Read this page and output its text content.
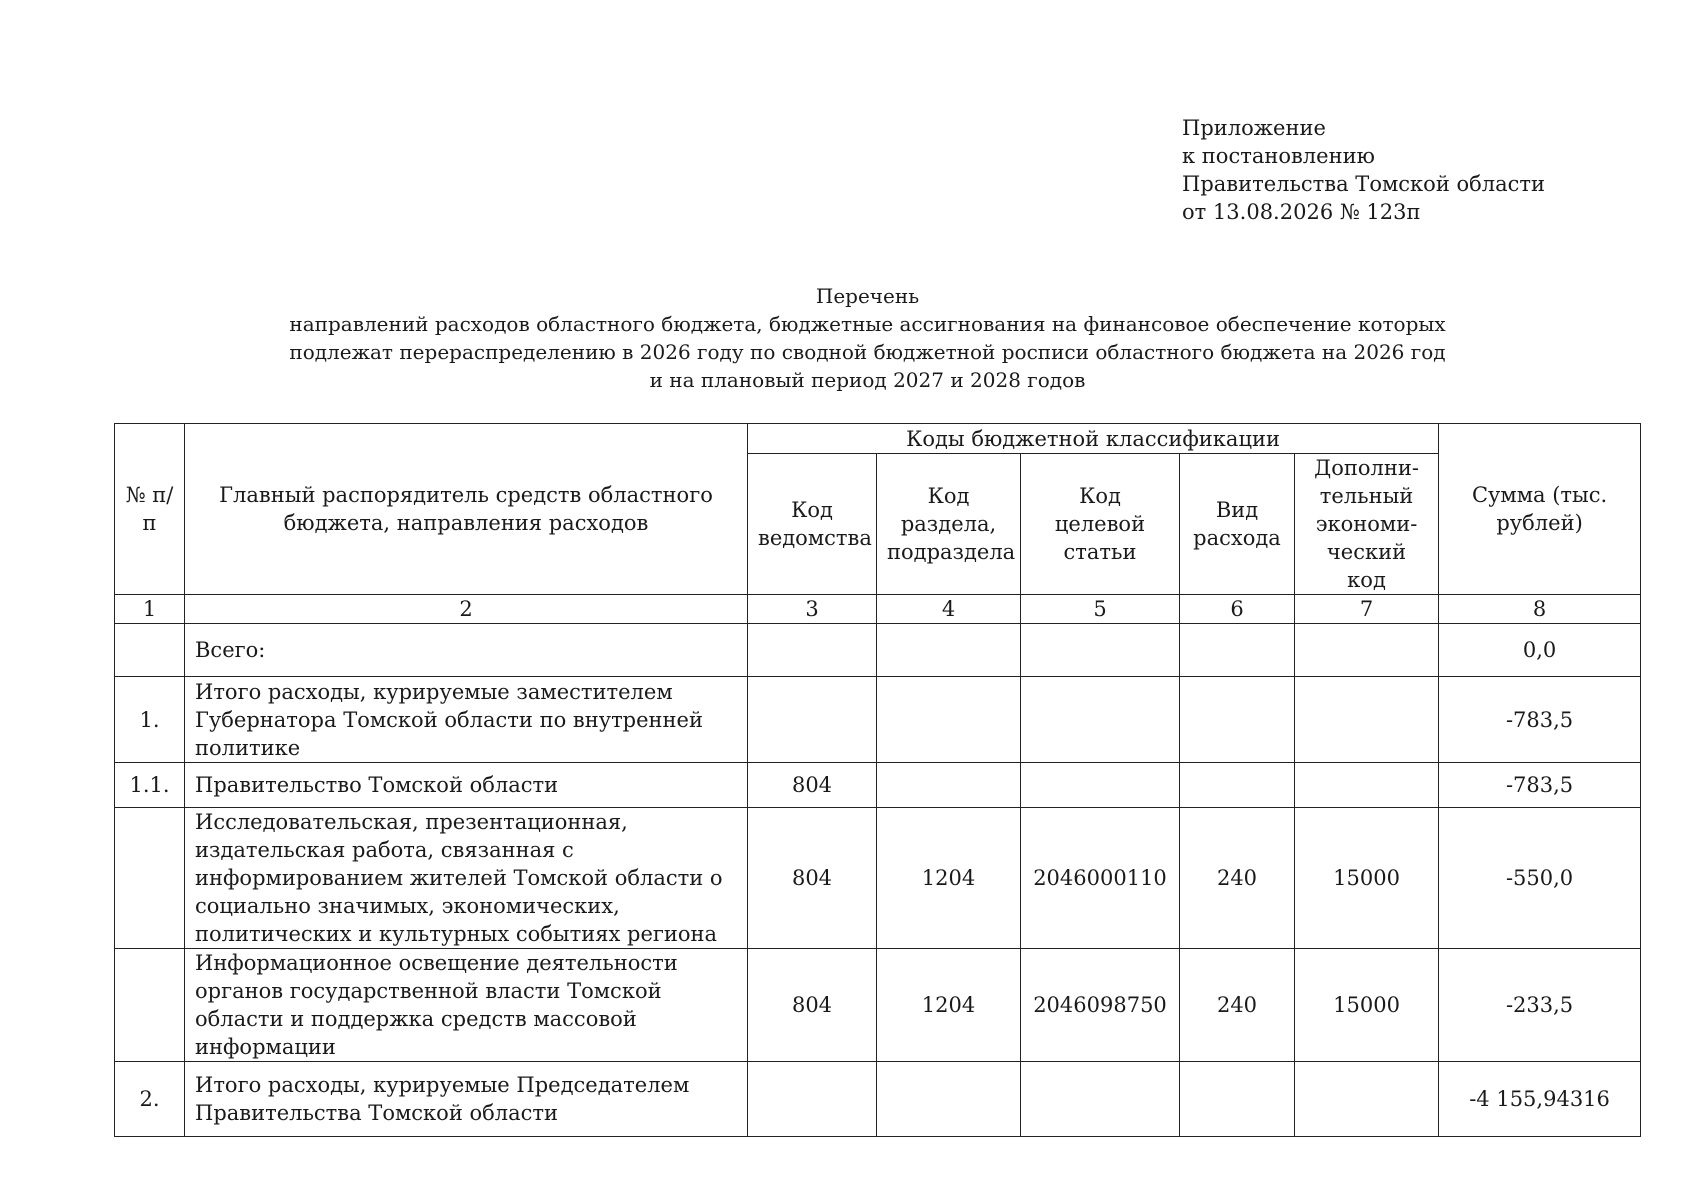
Приложение
к постановлению
Правительства Томской области
от 13.08.2026 № 123п
Перечень
направлений расходов областного бюджета, бюджетные ассигнования на финансовое обеспечение которых
подлежат перераспределению в 2026 году по сводной бюджетной росписи областного бюджета на 2026 год
и на плановый период 2027 и 2028 годов
№ п/п	Главный распорядитель средств областного бюджета, направления расходов	Коды бюджетной классификации					Сумма (тыс. рублей)
		Код ведомства	Код раздела, подраздела	Код целевой статьи	Вид расхода	Дополни-тельный экономи-ческий код	
1	2	3	4	5	6	7	8
	Всего:						0,0
1.	Итого расходы, курируемые заместителем Губернатора Томской области по внутренней политике						-783,5
1.1.	Правительство Томской области	804					-783,5
	Исследовательская, презентационная, издательская работа, связанная с информированием жителей Томской области о социально значимых, экономических, политических и культурных событиях региона	804	1204	2046000110	240	15000	-550,0
	Информационное освещение деятельности органов государственной власти Томской области и поддержка средств массовой информации	804	1204	2046098750	240	15000	-233,5
2.	Итого расходы, курируемые Председателем Правительства Томской области						-4 155,94316
